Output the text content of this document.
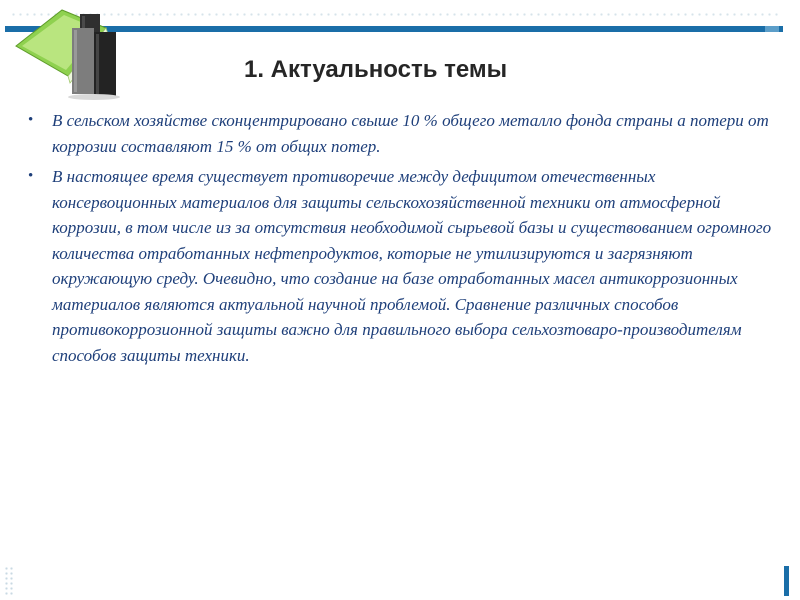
1. Актуальность темы
• В сельском хозяйстве сконцентрировано свыше 10 % общего металло фонда страны а потери от коррозии составляют 15 % от общих потер.
• В настоящее время существует противоречие между дефицитом отечественных консервоционных материалов для защиты сельскохозяйственной техники от атмосферной коррозии, в том числе из за отсутствия необходимой сырьевой базы и существованием огромного количества отработанных нефтепродуктов, которые не утилизируются и загрязняют окружающую среду. Очевидно, что создание на базе отработанных масел антикоррозионных материалов являются актуальной научной проблемой. Сравнение различных способов противокоррозионной защиты важно для правильного выбора сельхозтоваро-производителям способов защиты техники.
